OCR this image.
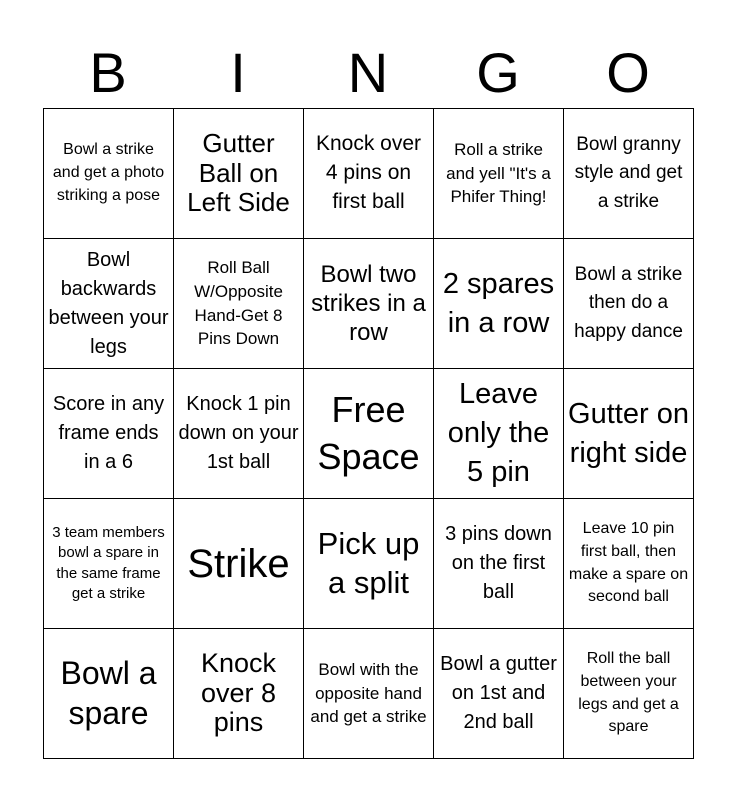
B	I	N	G	O
Bowl a strike and get a photo striking a pose	Gutter Ball on Left Side	Knock over 4 pins on first ball	Roll a strike and yell "It's a Phifer Thing!	Bowl granny style and get a strike
Bowl backwards between your legs	Roll Ball W/Opposite Hand-Get 8 Pins Down	Bowl two strikes in a row	2 spares in a row	Bowl a strike then do a happy dance
Score in any frame ends in a 6	Knock 1 pin down on your 1st ball	Free Space	Leave only the 5 pin	Gutter on right side
3 team members bowl a spare in the same frame get a strike	Strike	Pick up a split	3 pins down on the first ball	Leave 10 pin first ball, then make a spare on second ball
Bowl a spare	Knock over 8 pins	Bowl with the opposite hand and get a strike	Bowl a gutter on 1st and 2nd ball	Roll the ball between your legs and get a spare
